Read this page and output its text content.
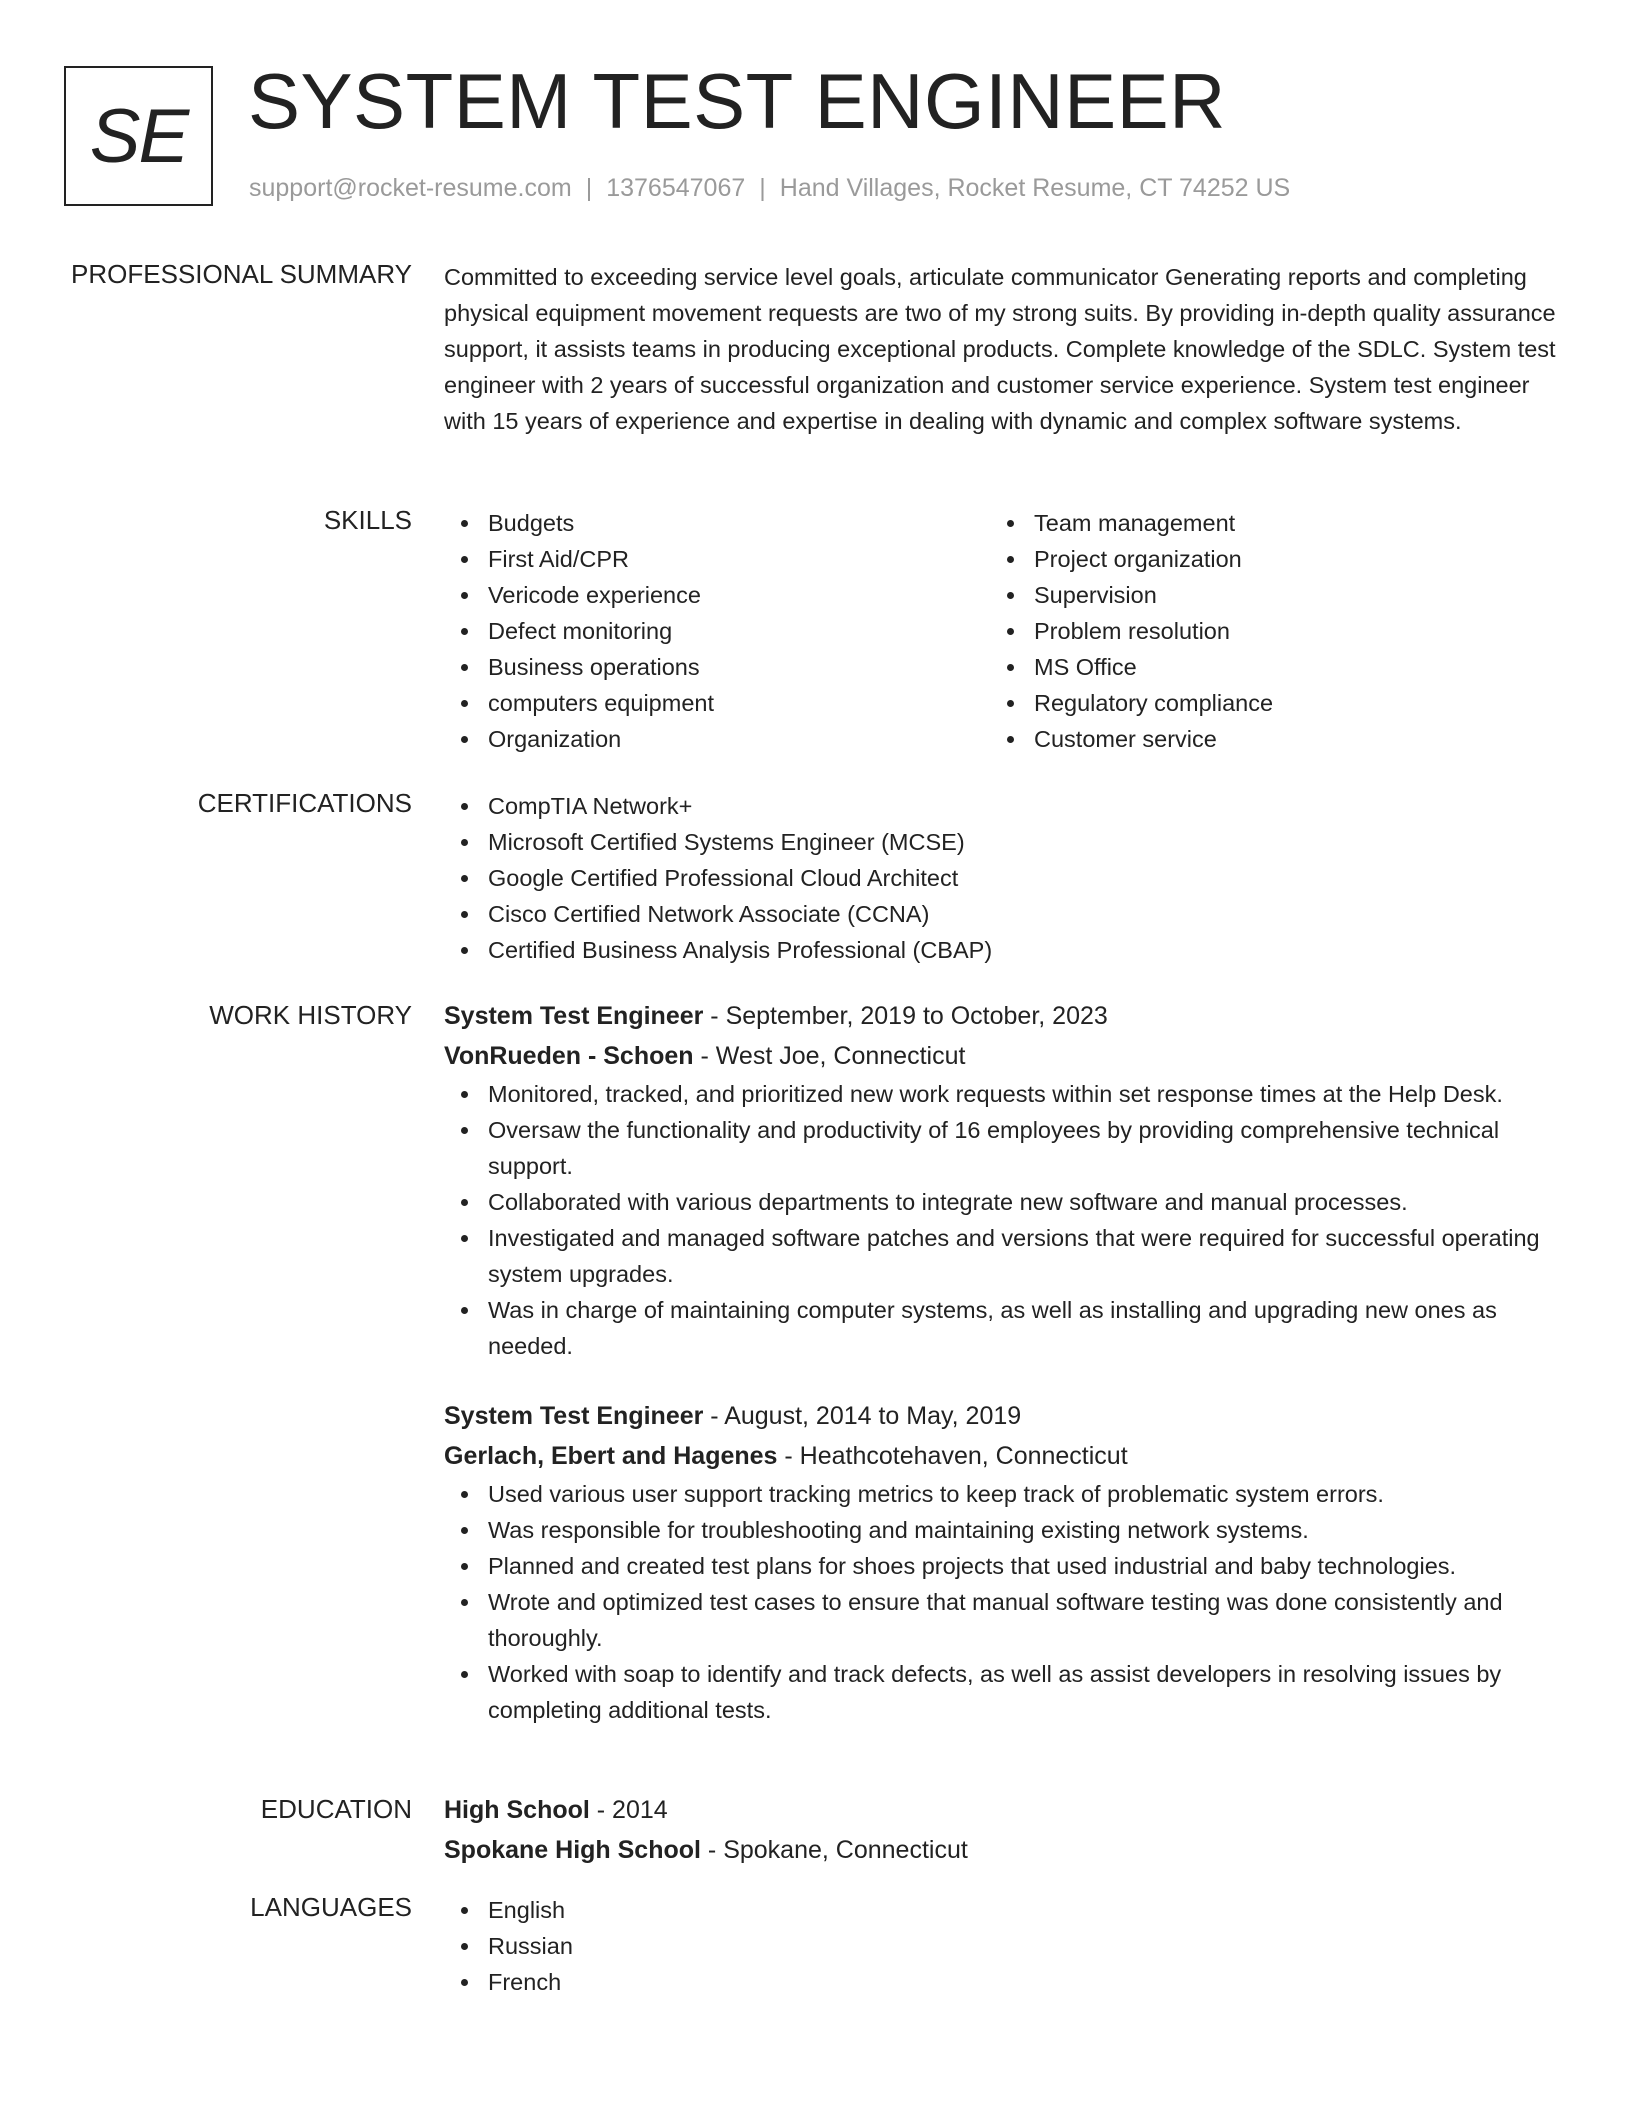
SE SYSTEM TEST ENGINEER
support@rocket-resume.com | 1376547067 | Hand Villages, Rocket Resume, CT 74252 US
PROFESSIONAL SUMMARY Committed to exceeding service level goals, articulate communicator Generating reports and completing physical equipment movement requests are two of my strong suits. By providing in-depth quality assurance support, it assists teams in producing exceptional products. Complete knowledge of the SDLC. System test engineer with 2 years of successful organization and customer service experience. System test engineer with 15 years of experience and expertise in dealing with dynamic and complex software systems.

SKILLS	Budgets
First Aid/CPR
Vericode experience
Defect monitoring
Business operations
computers equipment
Organization
Team management
Project organization
Supervision
Problem resolution
MS Office
Regulatory compliance
Customer service
CERTIFICATIONS	CompTIA Network+
Microsoft Certified Systems Engineer (MCSE)
Google Certified Professional Cloud Architect
Cisco Certified Network Associate (CCNA)
Certified Business Analysis Professional (CBAP)
WORK HISTORY System Test Engineer - September, 2019 to October, 2023
VonRueden - Schoen - West Joe, Connecticut
Monitored, tracked, and prioritized new work requests within set response times at the Help Desk.
Oversaw the functionality and productivity of 16 employees by providing comprehensive technical support.
Collaborated with various departments to integrate new software and manual processes.
Investigated and managed software patches and versions that were required for successful operating system upgrades.
Was in charge of maintaining computer systems, as well as installing and upgrading new ones as needed.
System Test Engineer - August, 2014 to May, 2019
Gerlach, Ebert and Hagenes - Heathcotehaven, Connecticut
Used various user support tracking metrics to keep track of problematic system errors.
Was responsible for troubleshooting and maintaining existing network systems.
Planned and created test plans for shoes projects that used industrial and baby technologies.
Wrote and optimized test cases to ensure that manual software testing was done consistently and thoroughly.
Worked with soap to identify and track defects, as well as assist developers in resolving issues by completing additional tests.
EDUCATION High School - 2014
Spokane High School - Spokane, Connecticut
LANGUAGES	English
Russian
French
